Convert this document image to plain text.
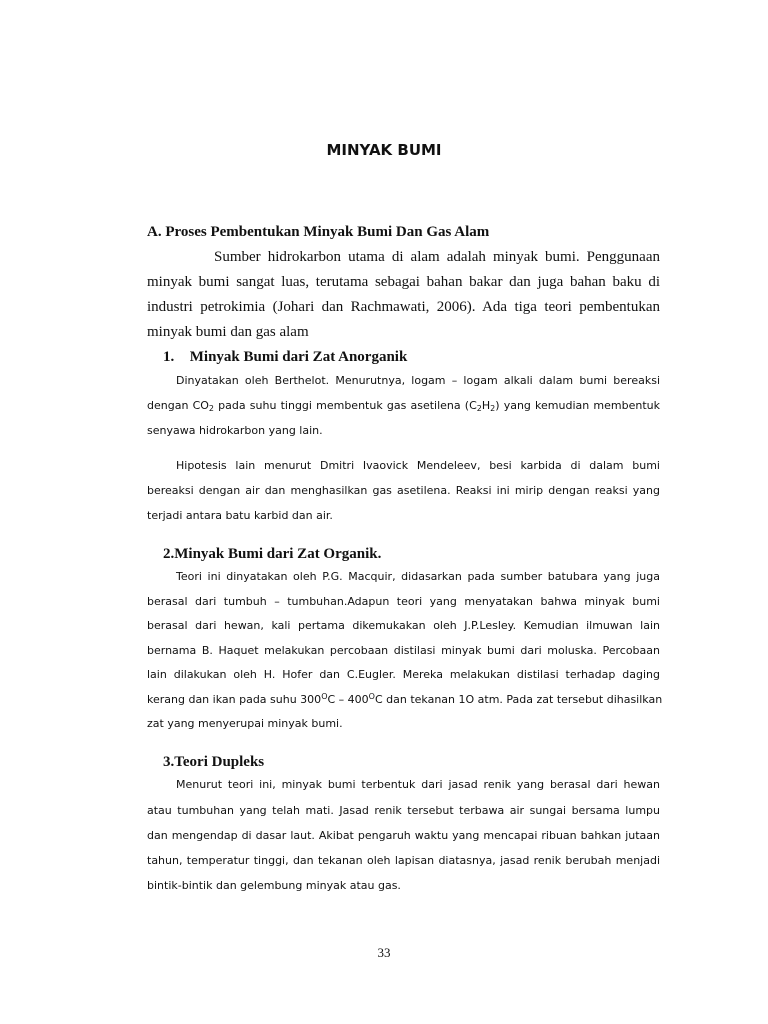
MINYAK BUMI
A. Proses Pembentukan Minyak Bumi Dan Gas Alam
Sumber hidrokarbon utama di alam adalah minyak bumi. Penggunaan
minyak bumi sangat luas, terutama sebagai bahan bakar dan juga bahan baku di
industri petrokimia (Johari dan Rachmawati, 2006). Ada tiga teori pembentukan
minyak bumi dan gas alam
1. Minyak Bumi dari Zat Anorganik
Dinyatakan oleh Berthelot. Menurutnya, logam – logam alkali dalam bumi bereaksi
dengan $CO_2$ pada suhu tinggi membentuk gas asetilena $(C_2H_2)$ yang kemudian membentuk
senyawa hidrokarbon yang lain.
Hipotesis lain menurut Dmitri Ivaovick Mendeleev, besi karbida di dalam bumi
bereaksi dengan air dan menghasilkan gas asetilena. Reaksi ini mirip dengan reaksi yang
terjadi antara batu karbid dan air.
2.Minyak Bumi dari Zat Organik.
Teori ini dinyatakan oleh P.G. Macquir, didasarkan pada sumber batubara yang juga
berasal dari tumbuh – tumbuhan.Adapun teori yang menyatakan bahwa minyak bumi
berasal dari hewan, kali pertama dikemukakan oleh J.P.Lesley. Kemudian ilmuwan lain
bernama B. Haquet melakukan percobaan distilasi minyak bumi dari moluska. Percobaan
lain dilakukan oleh H. Hofer dan C.Eugler. Mereka melakukan distilasi terhadap daging
kerang dan ikan pada suhu $300^OC - 400^OC$ dan tekanan 1O atm. Pada zat tersebut dihasilkan
zat yang menyerupai minyak bumi.
3.Teori Dupleks
Menurut teori ini, minyak bumi terbentuk dari jasad renik yang berasal dari hewan
atau tumbuhan yang telah mati. Jasad renik tersebut terbawa air sungai bersama lumpu
dan mengendap di dasar laut. Akibat pengaruh waktu yang mencapai ribuan bahkan jutaan
tahun, temperatur tinggi, dan tekanan oleh lapisan diatasnya, jasad renik berubah menjadi
bintik-bintik dan gelembung minyak atau gas.
33
